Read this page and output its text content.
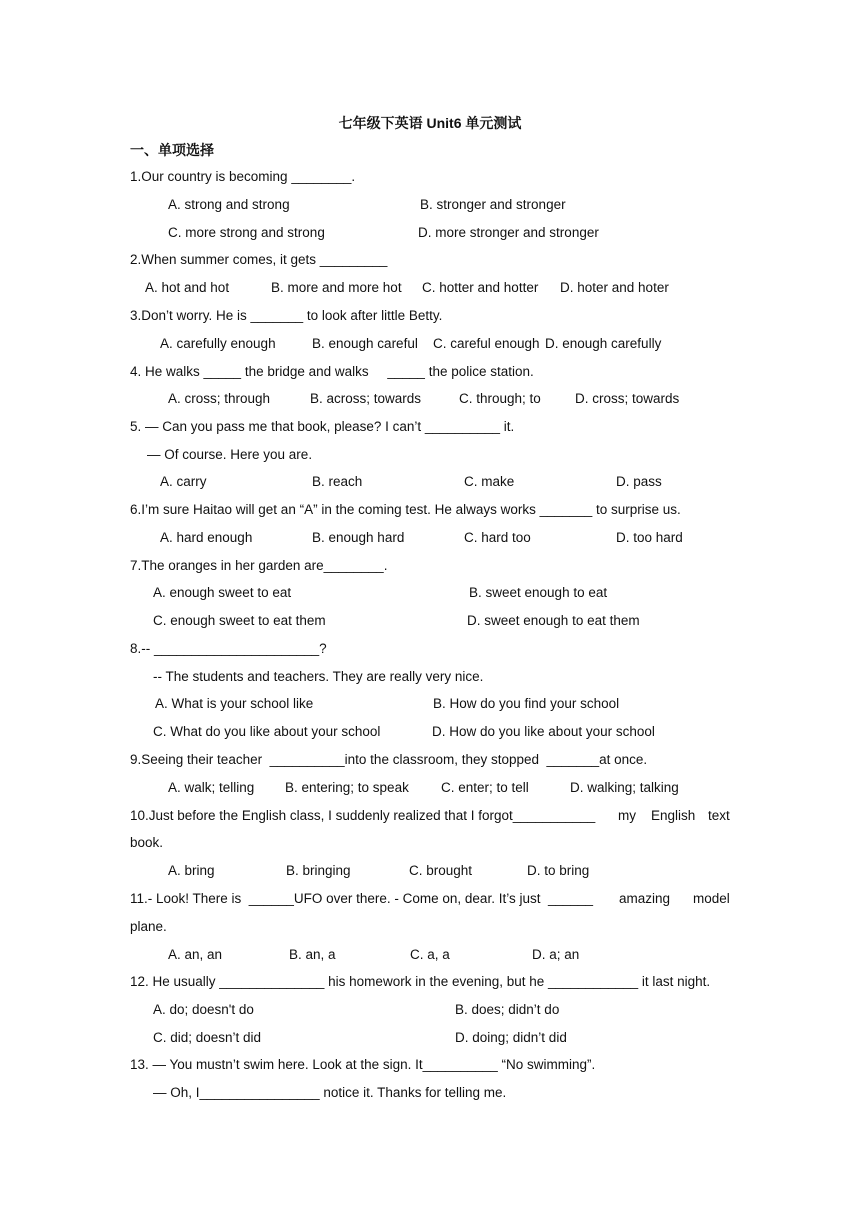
七年级下英语 Unit6 单元测试
一、单项选择
1.Our country is becoming ________.
A. strong and strong	B. stronger and stronger
C. more strong and strong	D. more stronger and stronger
2.When summer comes, it gets _________
A. hot and hot	B. more and more hot C. hotter and hotter D. hoter and hoter
3.Don’t worry. He is _______ to look after little Betty.
A. carefully enough	B. enough careful C. careful enough D. enough carefully
4. He walks _____ the bridge and walks     _____ the police station.
A. cross; through	B. across; towards	C. through; to	D. cross; towards
5. — Can you pass me that book, please? I can’t __________ it.
— Of course. Here you are.
A. carry	B. reach	C. make	D. pass
6.I’m sure Haitao will get an “A” in the coming test. He always works _______ to surprise us.
A. hard enough	B. enough hard	C. hard too	D. too hard
7.The oranges in her garden are________.
A. enough sweet to eat	B. sweet enough to eat
C. enough sweet to eat them	D. sweet enough to eat them
8.-- ______________________?
-- The students and teachers. They are really very nice.
A. What is your school like	B. How do you find your school
C. What do you like about your school	D. How do you like about your school
9.Seeing their teacher  __________into the classroom, they stopped  _______at once.
A. walk; telling B. entering; to speak C. enter; to tell	D. walking; talking
10.Just before the English class, I suddenly realized that I forgot___________ my English text
book.
A. bring	B. bringing	C. brought	D. to bring
11.- Look! There is  ______UFO over there. - Come on, dear. It’s just  ______ amazing model
plane.
A. an, an	B. an, a	C. a, a	D. a; an
12. He usually ______________ his homework in the evening, but he ____________ it last night.
A. do; doesn't do	B. does; didn’t do
C. did; doesn’t did	D. doing; didn’t did
13. — You mustn’t swim here. Look at the sign. It__________ “No swimming”.
— Oh, I________________ notice it. Thanks for telling me.
